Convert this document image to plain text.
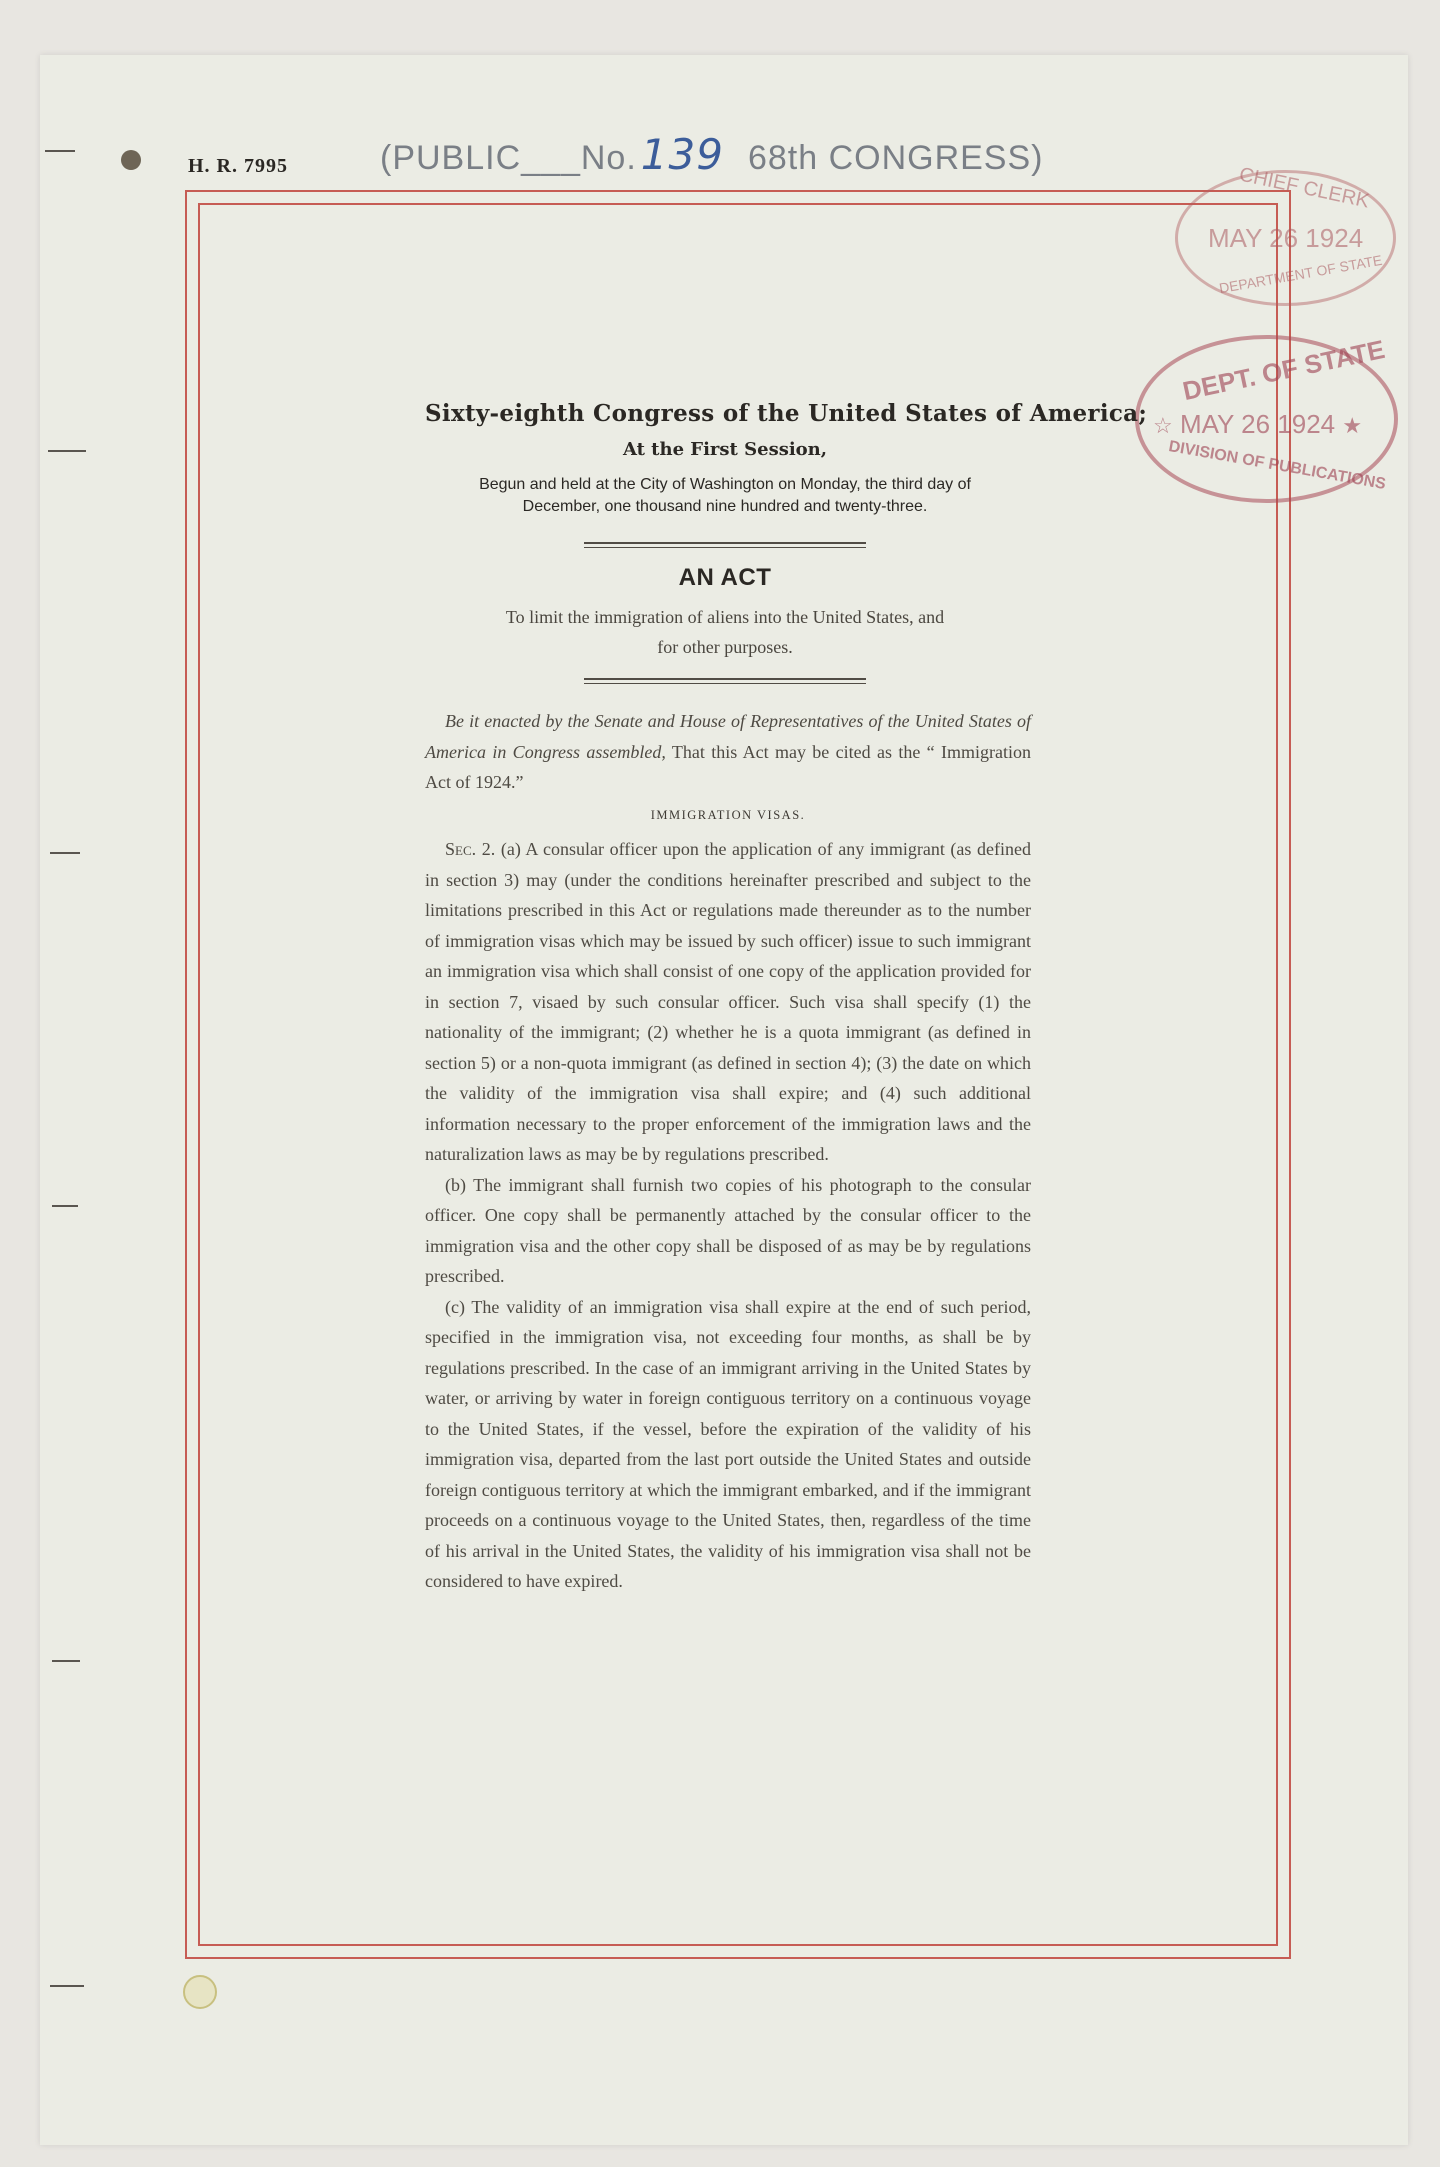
H. R. 7995	(PUBLIC___No.139 68th CONGRESS)
CHIEF CLERK
MAY 26 1924
DEPARTMENT OF STATE
DEPT. OF STATE
☆ MAY 26 1924 ★
DIVISION OF PUBLICATIONS
Sixty-eighth Congress of the United States of America;
At the First Session,
Begun and held at the City of Washington on Monday, the third day of
December, one thousand nine hundred and twenty-three.
AN ACT
To limit the immigration of aliens into the United States, and
for other purposes.

Be it enacted by the Senate and House of Representatives of the United States of America in Congress assembled, That this Act may be cited as the “ Immigration Act of 1924.”

IMMIGRATION VISAS.

Sec. 2. (a) A consular officer upon the application of any immigrant (as defined in section 3) may (under the conditions hereinafter prescribed and subject to the limitations prescribed in this Act or regulations made thereunder as to the number of immigration visas which may be issued by such officer) issue to such immigrant an immigration visa which shall consist of one copy of the application provided for in section 7, visaed by such consular officer. Such visa shall specify (1) the nationality of the immigrant; (2) whether he is a quota immigrant (as defined in section 5) or a non-quota immigrant (as defined in section 4); (3) the date on which the validity of the immigration visa shall expire; and (4) such additional information necessary to the proper enforcement of the immigration laws and the naturalization laws as may be by regulations prescribed.

(b) The immigrant shall furnish two copies of his photograph to the consular officer. One copy shall be permanently attached by the consular officer to the immigration visa and the other copy shall be disposed of as may be by regulations prescribed.

(c) The validity of an immigration visa shall expire at the end of such period, specified in the immigration visa, not exceeding four months, as shall be by regulations prescribed. In the case of an immigrant arriving in the United States by water, or arriving by water in foreign contiguous territory on a continuous voyage to the United States, if the vessel, before the expiration of the validity of his immigration visa, departed from the last port outside the United States and outside foreign contiguous territory at which the immigrant embarked, and if the immigrant proceeds on a continuous voyage to the United States, then, regardless of the time of his arrival in the United States, the validity of his immigration visa shall not be considered to have expired.
